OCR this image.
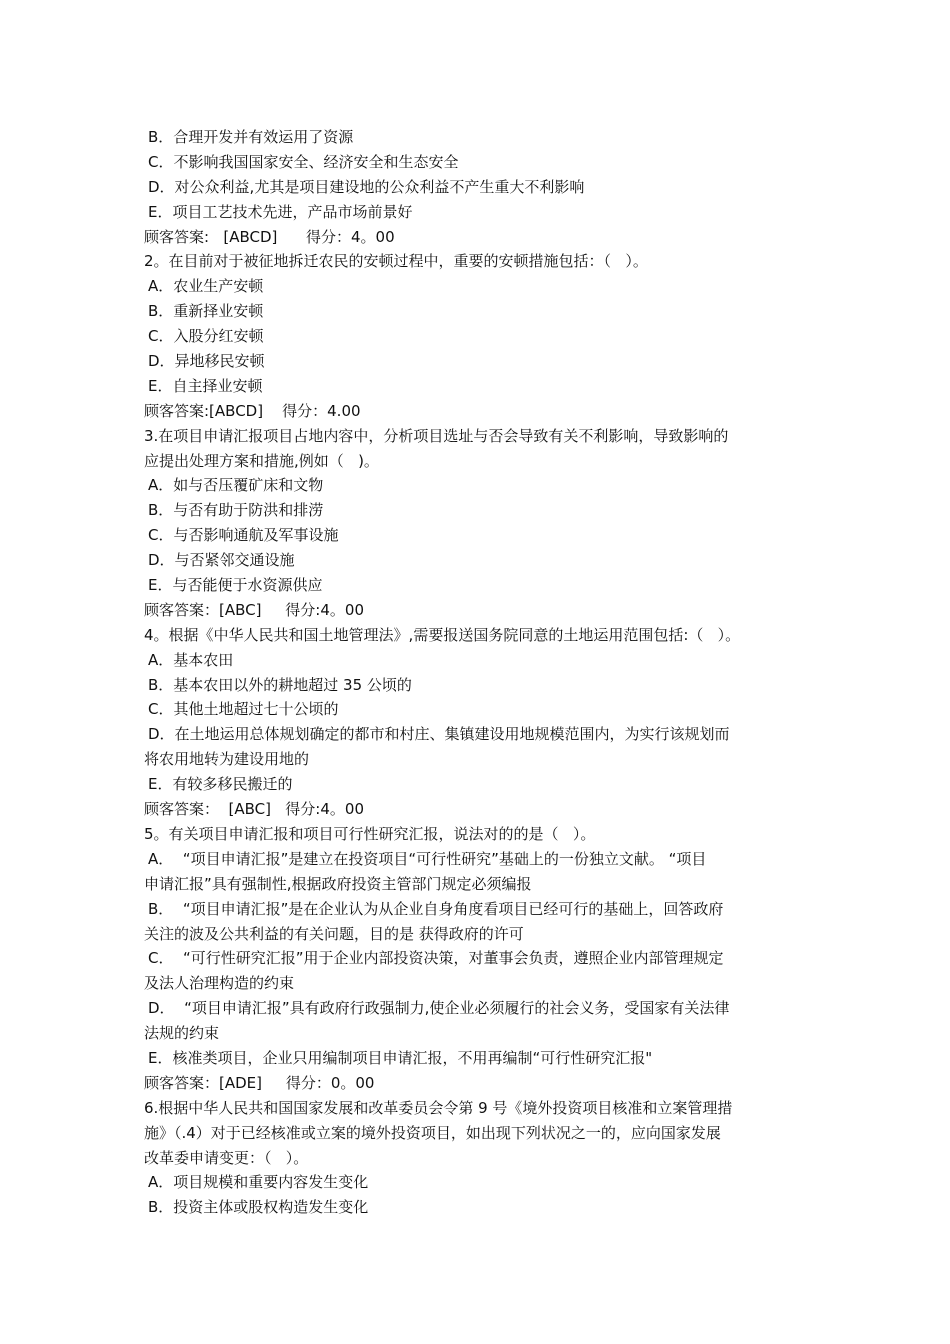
B．合理开发并有效运用了资源
C．不影响我国国家安全、经济安全和生态安全
D．对公众利益,尤其是项目建设地的公众利益不产生重大不利影响
E．项目工艺技术先进，产品市场前景好
顾客答案:   [ABCD]      得分：4。00
2。在目前对于被征地拆迁农民的安顿过程中，重要的安顿措施包括：（   ）。
A．农业生产安顿
B．重新择业安顿
C．入股分红安顿
D．异地移民安顿
E．自主择业安顿
顾客答案:[ABCD]    得分：4.00
3.在项目申请汇报项目占地内容中，分析项目选址与否会导致有关不利影响，导致影响的
应提出处理方案和措施,例如（   )。
A．如与否压覆矿床和文物
B．与否有助于防洪和排涝
C．与否影响通航及军事设施
D．与否紧邻交通设施
E．与否能便于水资源供应
顾客答案：[ABC]     得分:4。00
4。根据《中华人民共和国土地管理法》,需要报送国务院同意的土地运用范围包括:（   ）。
A．基本农田
B．基本农田以外的耕地超过 35 公顷的
C．其他土地超过七十公顷的
D．在土地运用总体规划确定的都市和村庄、集镇建设用地规模范围内，为实行该规划而
将农用地转为建设用地的
E．有较多移民搬迁的
顾客答案：  [ABC]   得分:4。00
5。有关项目申请汇报和项目可行性研究汇报，说法对的的是（   ）。
A．  “项目申请汇报”是建立在投资项目“可行性研究”基础上的一份独立文献。 “项目
申请汇报”具有强制性,根据政府投资主管部门规定必须编报
B．  “项目申请汇报”是在企业认为从企业自身角度看项目已经可行的基础上，回答政府
关注的波及公共利益的有关问题，目的是 获得政府的许可
C．  “可行性研究汇报”用于企业内部投资决策，对董事会负责，遵照企业内部管理规定
及法人治理构造的约束
D．  “项目申请汇报”具有政府行政强制力,使企业必须履行的社会义务，受国家有关法律
法规的约束
E．核准类项目，企业只用编制项目申请汇报，不用再编制“可行性研究汇报"
顾客答案：[ADE]     得分：0。00
6.根据中华人民共和国国家发展和改革委员会令第 9 号《境外投资项目核准和立案管理措
施》（.4）对于已经核准或立案的境外投资项目，如出现下列状况之一的，应向国家发展
改革委申请变更：（   ）。
A．项目规模和重要内容发生变化
B．投资主体或股权构造发生变化
